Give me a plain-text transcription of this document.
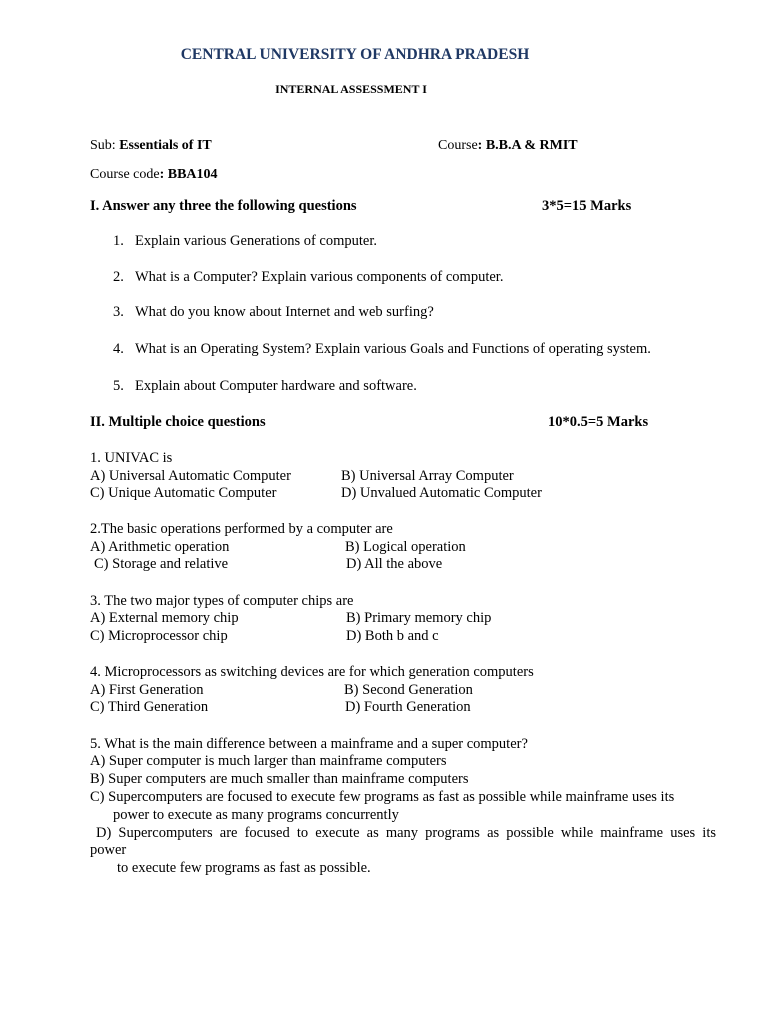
CENTRAL UNIVERSITY OF ANDHRA PRADESH
INTERNAL ASSESSMENT I
Sub: Essentials of IT	Course: B.B.A & RMIT
Course code: BBA104
I. Answer any three the following questions	3*5=15 Marks
1. Explain various Generations of computer.
2. What is a Computer? Explain various components of computer.
3. What do you know about Internet and web surfing?
4. What is an Operating System? Explain various Goals and Functions of operating system.
5. Explain about Computer hardware and software.
II. Multiple choice questions	10*0.5=5 Marks
1. UNIVAC is
A) Universal Automatic Computer	B) Universal Array Computer
C) Unique Automatic Computer	D) Unvalued Automatic Computer
2.The basic operations performed by a computer are
A) Arithmetic operation	B) Logical operation
C) Storage and relative	D) All the above
3. The two major types of computer chips are
A) External memory chip	B) Primary memory chip
C) Microprocessor chip	D) Both b and c
4. Microprocessors as switching devices are for which generation computers
A) First Generation	B) Second Generation
C) Third Generation	D) Fourth Generation
5. What is the main difference between a mainframe and a super computer?
A) Super computer is much larger than mainframe computers
B) Super computers are much smaller than mainframe computers
C) Supercomputers are focused to execute few programs as fast as possible while mainframe uses its
power to execute as many programs concurrently
D) Supercomputers are focused to execute as many programs as possible while mainframe uses its
power
to execute few programs as fast as possible.
